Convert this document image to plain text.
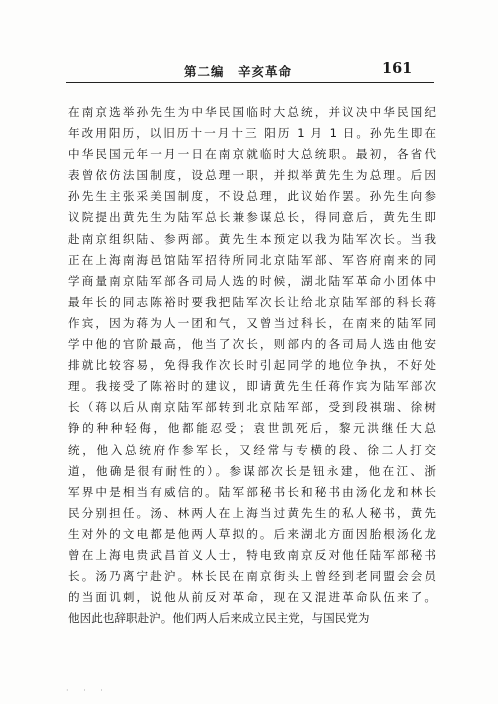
第二编　辛亥革命	161
在南京选举孙先生为中华民国临时大总统，并议决中华民国纪
年改用阳历，以旧历十一月十三 阳历 1 月 1 日。孙先生即在
中华民国元年一月一日在南京就临时大总统职。最初，各省代
表曾依仿法国制度，设总理一职，并拟举黄先生为总理。后因
孙先生主张采美国制度，不设总理，此议始作罢。孙先生向参
议院提出黄先生为陆军总长兼参谋总长，得同意后，黄先生即
赴南京组织陆、参两部。黄先生本预定以我为陆军次长。当我
正在上海南海邑馆陆军招待所同北京陆军部、军咨府南来的同
学商量南京陆军部各司局人选的时候，湖北陆军革命小团体中
最年长的同志陈裕时要我把陆军次长让给北京陆军部的科长蒋
作宾，因为蒋为人一团和气，又曾当过科长，在南来的陆军同
学中他的官阶最高，他当了次长，则部内的各司局人选由他安
排就比较容易，免得我作次长时引起同学的地位争执，不好处
理。我接受了陈裕时的建议，即请黄先生任蒋作宾为陆军部次
长（蒋以后从南京陆军部转到北京陆军部，受到段祺瑞、徐树
铮的种种轻侮，他都能忍受；袁世凯死后，黎元洪继任大总
统，他入总统府作参军长，又经常与专横的段、徐二人打交
道，他确是很有耐性的）。参谋部次长是钮永建，他在江、浙
军界中是相当有威信的。陆军部秘书长和秘书由汤化龙和林长
民分别担任。汤、林两人在上海当过黄先生的私人秘书，黄先
生对外的文电都是他两人草拟的。后来湖北方面因胎根汤化龙
曾在上海电贵武昌首义人士，特电致南京反对他任陆军部秘书
长。汤乃离宁赴沪。林长民在南京街头上曾经到老同盟会会员
的当面讥刺，说他从前反对革命，现在又混进革命队伍来了。
他因此也辞职赴沪。他们两人后来成立民主党，与国民党为
· · ·
